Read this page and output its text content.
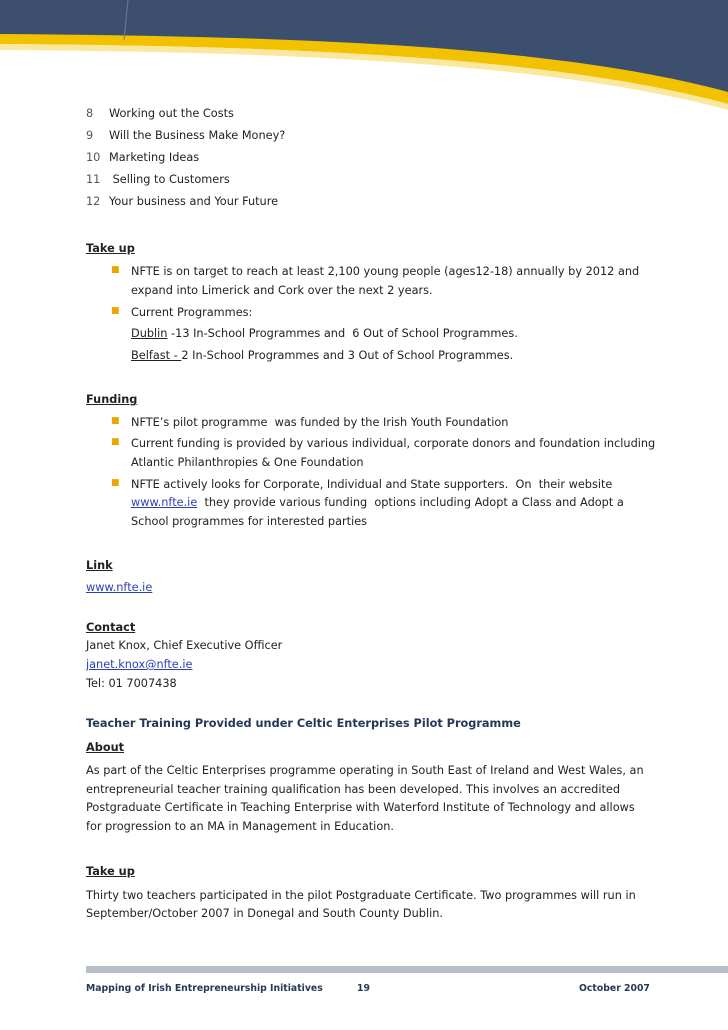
8 Working out the Costs
9 Will the Business Make Money?
10 Marketing Ideas
11 Selling to Customers
12 Your business and Your Future
Take up
■ NFTE is on target to reach at least 2,100 young people (ages12-18) annually by 2012 and
expand into Limerick and Cork over the next 2 years.
■ Current Programmes:
Dublin -13 In-School Programmes and  6 Out of School Programmes.
Belfast - 2 In-School Programmes and 3 Out of School Programmes.
Funding
■ NFTE’s pilot programme  was funded by the Irish Youth Foundation
■ Current funding is provided by various individual, corporate donors and foundation including
Atlantic Philanthropies & One Foundation
■ NFTE actively looks for Corporate, Individual and State supporters.  On  their website
www.nfte.ie  they provide various funding  options including Adopt a Class and Adopt a
School programmes for interested parties
Link
www.nfte.ie
Contact
Janet Knox, Chief Executive Officer
janet.knox@nfte.ie
Tel: 01 7007438
Teacher Training Provided under Celtic Enterprises Pilot Programme
About
As part of the Celtic Enterprises programme operating in South East of Ireland and West Wales, an
entrepreneurial teacher training qualification has been developed. This involves an accredited
Postgraduate Certificate in Teaching Enterprise with Waterford Institute of Technology and allows
for progression to an MA in Management in Education.
Take up
Thirty two teachers participated in the pilot Postgraduate Certificate. Two programmes will run in
September/October 2007 in Donegal and South County Dublin.
Mapping of Irish Entrepreneurship Initiatives	19	October 2007
